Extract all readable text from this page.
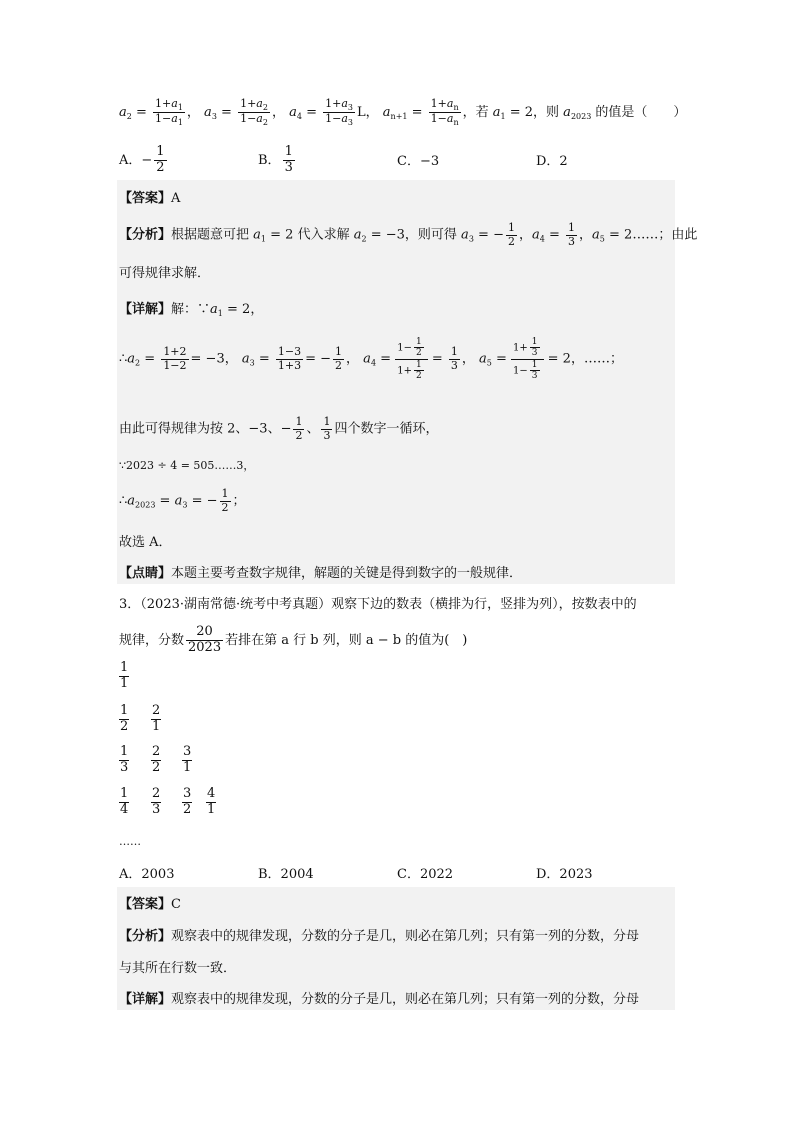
$a_2 = \frac{1+a_1}{1-a_1}$ ， $a_3 = \frac{1+a_2}{1-a_2}$ ， $a_4 = \frac{1+a_3}{1-a_3}$ L， $a_{n+1} = \frac{1+a_n}{1-a_n}$ ，若 $a_1 = 2$，则 $a_{2023}$ 的值是（　　）
A．− $\frac{1}{2}$	B． $\frac{1}{3}$	C．−3	D．2
【答案】A
【分析】根据题意可把 $a_1 = 2$ 代入求解 $a_2 = -3$，则可得 $a_3$ = − $\frac{1}{2}$ ，$a_4 = \frac{1}{3}$ ，$a_5$ = 2……；由此
可得规律求解．
【详解】解：$\because a_1 = 2$，
$\therefore a_2 = \frac{1+2}{1-2} = -3$， $a_3 = \frac{1-3}{1+3}$ = − $\frac{1}{2}$ ， $a_4 = \frac{1- \frac{1}{2}}{1+ \frac{1}{2}} = \frac{1}{3}$ ， $a_5 = \frac{1+ \frac{1}{3}}{1- \frac{1}{3}} = 2$，……；
由此可得规律为按 2、−3、− $\frac{1}{2}$ 、 $\frac{1}{3}$ 四个数字一循环，
∵2023 ÷ 4 = 505……3，
$\therefore a_{2023} = a_3$ = − $\frac{1}{2}$ ；
故选 A．
【点睛】本题主要考查数字规律，解题的关键是得到数字的一般规律．
3．（2023·湖南常德·统考中考真题）观察下边的数表（横排为行，竖排为列），按数表中的
规律，分数 $\frac{20}{2023}$ 若排在第 a 行 b 列，则 a − b 的值为(　)
$\frac{1}{1}$
$\frac{1}{2} \frac{2}{1}$
$\frac{1}{3} \frac{2}{2} \frac{3}{1}$
$\frac{1}{4} \frac{2}{3} \frac{3}{2} \frac{4}{1}$
……
A．2003	B．2004	C．2022	D．2023
【答案】C
【分析】观察表中的规律发现，分数的分子是几，则必在第几列；只有第一列的分数，分母
与其所在行数一致．
【详解】观察表中的规律发现，分数的分子是几，则必在第几列；只有第一列的分数，分母
